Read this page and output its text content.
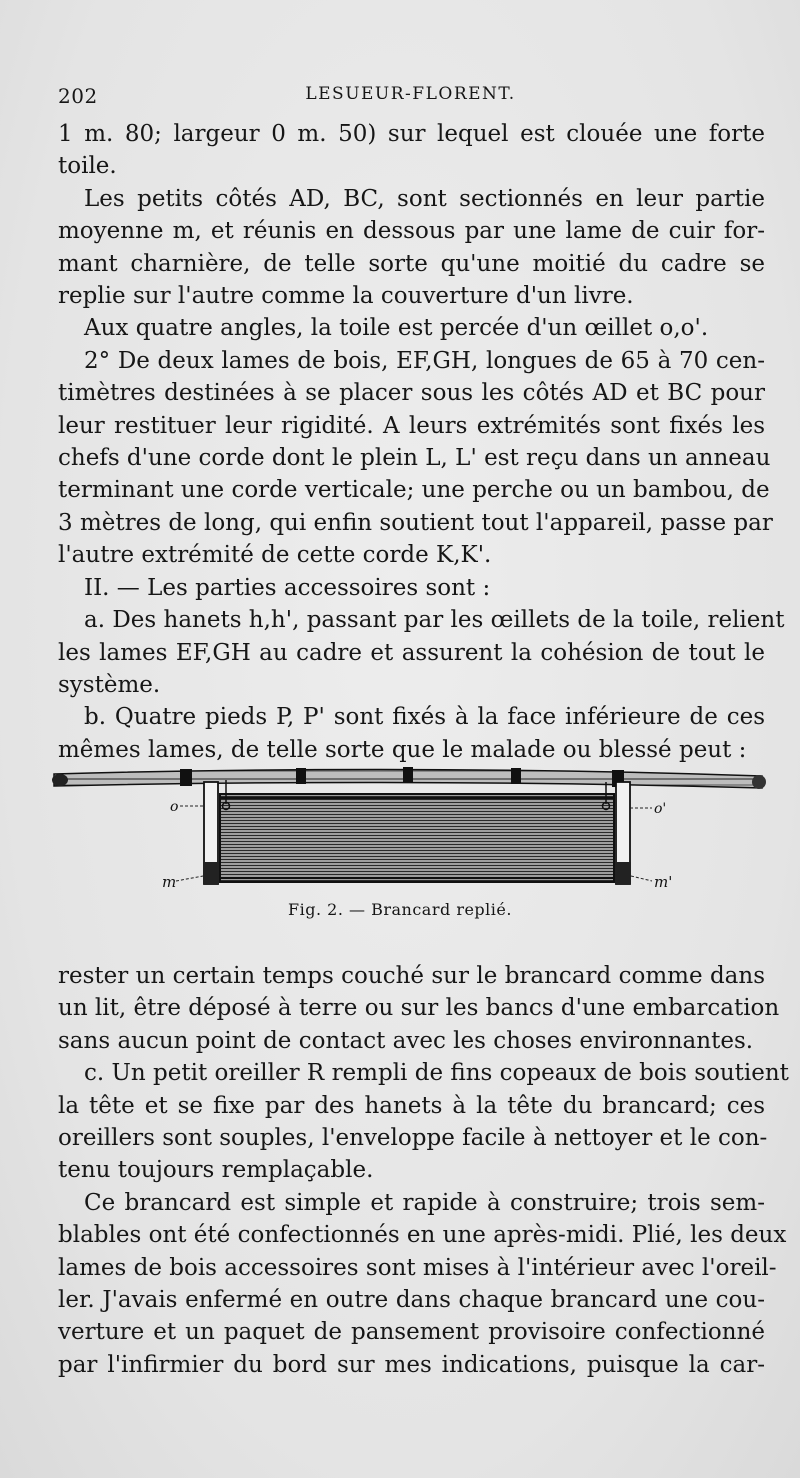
202	LESUEUR-FLORENT.
1 m. 80; largeur 0 m. 50) sur lequel est clouée une forte
toile.
Les petits côtés AD, BC, sont sectionnés en leur partie
moyenne m, et réunis en dessous par une lame de cuir for-
mant charnière, de telle sorte qu'une moitié du cadre se
replie sur l'autre comme la couverture d'un livre.
Aux quatre angles, la toile est percée d'un œillet o,o'.
2° De deux lames de bois, EF,GH, longues de 65 à 70 cen-
timètres destinées à se placer sous les côtés AD et BC pour
leur restituer leur rigidité. A leurs extrémités sont fixés les
chefs d'une corde dont le plein L, L' est reçu dans un anneau
terminant une corde verticale; une perche ou un bambou, de
3 mètres de long, qui enfin soutient tout l'appareil, passe par
l'autre extrémité de cette corde K,K'.
II. — Les parties accessoires sont :
a. Des hanets h,h', passant par les œillets de la toile, relient
les lames EF,GH au cadre et assurent la cohésion de tout le
système.
b. Quatre pieds P, P' sont fixés à la face inférieure de ces
mêmes lames, de telle sorte que le malade ou blessé peut :
o	o'
m	m'
Fig. 2. — Brancard replié.
rester un certain temps couché sur le brancard comme dans
un lit, être déposé à terre ou sur les bancs d'une embarcation
sans aucun point de contact avec les choses environnantes.
c. Un petit oreiller R rempli de fins copeaux de bois soutient
la tête et se fixe par des hanets à la tête du brancard; ces
oreillers sont souples, l'enveloppe facile à nettoyer et le con-
tenu toujours remplaçable.
Ce brancard est simple et rapide à construire; trois sem-
blables ont été confectionnés en une après-midi. Plié, les deux
lames de bois accessoires sont mises à l'intérieur avec l'oreil-
ler. J'avais enfermé en outre dans chaque brancard une cou-
verture et un paquet de pansement provisoire confectionné
par l'infirmier du bord sur mes indications, puisque la car-
